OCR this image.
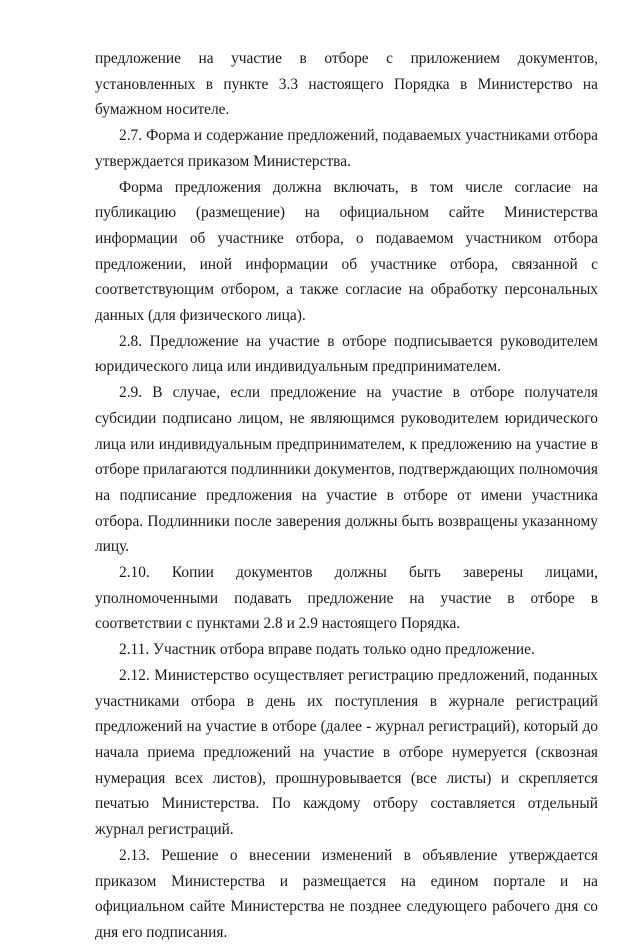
предложение на участие в отборе с приложением документов, установленных в пункте 3.3 настоящего Порядка в Министерство на бумажном носителе.

2.7. Форма и содержание предложений, подаваемых участниками отбора утверждается приказом Министерства.

Форма предложения должна включать, в том числе согласие на публикацию (размещение) на официальном сайте Министерства информации об участнике отбора, о подаваемом участником отбора предложении, иной информации об участнике отбора, связанной с соответствующим отбором, а также согласие на обработку персональных данных (для физического лица).

2.8. Предложение на участие в отборе подписывается руководителем юридического лица или индивидуальным предпринимателем.

2.9. В случае, если предложение на участие в отборе получателя субсидии подписано лицом, не являющимся руководителем юридического лица или индивидуальным предпринимателем, к предложению на участие в отборе прилагаются подлинники документов, подтверждающих полномочия на подписание предложения на участие в отборе от имени участника отбора. Подлинники после заверения должны быть возвращены указанному лицу.

2.10. Копии документов должны быть заверены лицами, уполномоченными подавать предложение на участие в отборе в соответствии с пунктами 2.8 и 2.9 настоящего Порядка.

2.11. Участник отбора вправе подать только одно предложение.

2.12. Министерство осуществляет регистрацию предложений, поданных участниками отбора в день их поступления в журнале регистраций предложений на участие в отборе (далее - журнал регистраций), который до начала приема предложений на участие в отборе нумеруется (сквозная нумерация всех листов), прошнуровывается (все листы) и скрепляется печатью Министерства. По каждому отбору составляется отдельный журнал регистраций.

2.13. Решение о внесении изменений в объявление утверждается приказом Министерства и размещается на едином портале и на официальном сайте Министерства не позднее следующего рабочего дня со дня его подписания.
